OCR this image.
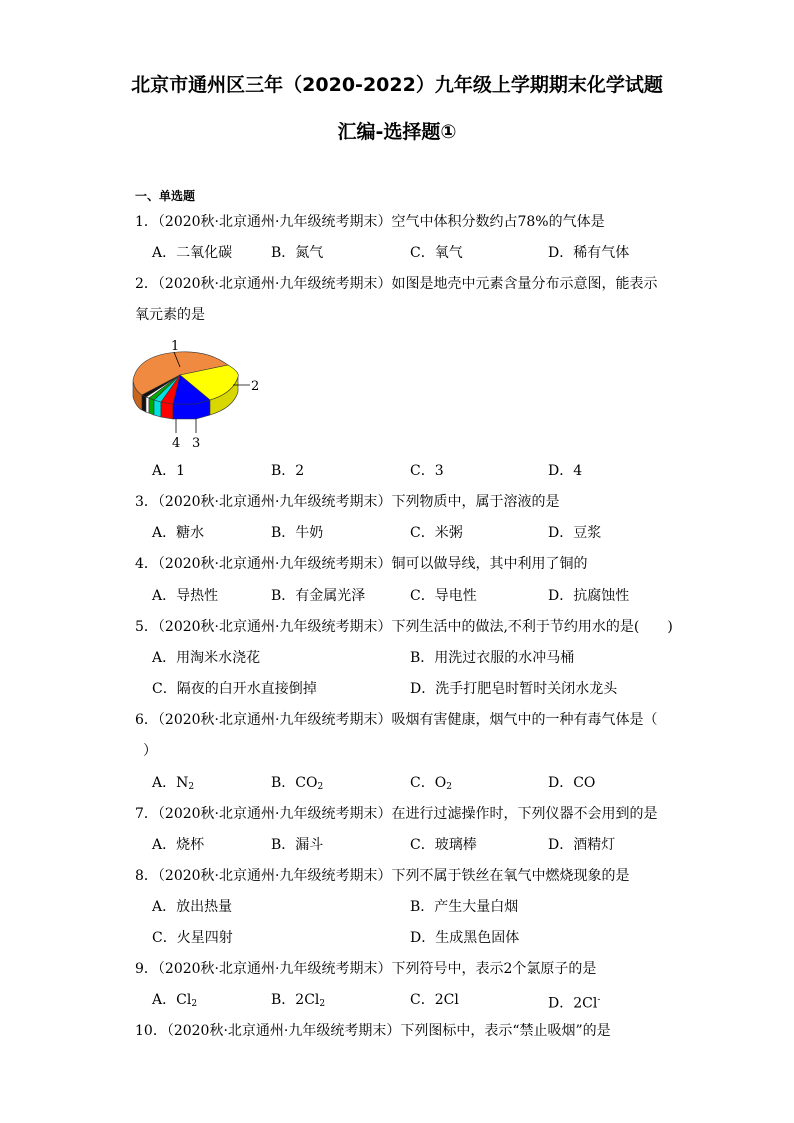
北京市通州区三年（2020-2022）九年级上学期期末化学试题
汇编-选择题①
一、单选题
1．（2020秋·北京通州·九年级统考期末）空气中体积分数约占78%的气体是
A．二氧化碳	B．氮气	C．氧气	D．稀有气体
2．（2020秋·北京通州·九年级统考期末）如图是地壳中元素含量分布示意图，能表示
氧元素的是
1
2
4 3
A．1	B．2	C．3	D．4
3．（2020秋·北京通州·九年级统考期末）下列物质中，属于溶液的是
A．糖水	B．牛奶	C．米粥	D．豆浆
4．（2020秋·北京通州·九年级统考期末）铜可以做导线，其中利用了铜的
A．导热性	B．有金属光泽	C．导电性	D．抗腐蚀性
5．（2020秋·北京通州·九年级统考期末）下列生活中的做法,不利于节约用水的是(　　)
A．用淘米水浇花	B．用洗过衣服的水冲马桶
C．隔夜的白开水直接倒掉	D．洗手打肥皂时暂时关闭水龙头
6．（2020秋·北京通州·九年级统考期末）吸烟有害健康，烟气中的一种有毒气体是（
）
A．$N_2$	B．$CO_2$	C．$O_2$	D．CO
7．（2020秋·北京通州·九年级统考期末）在进行过滤操作时，下列仪器不会用到的是
A．烧杯	B．漏斗	C．玻璃棒	D．酒精灯
8．（2020秋·北京通州·九年级统考期末）下列不属于铁丝在氧气中燃烧现象的是
A．放出热量	B．产生大量白烟
C．火星四射	D．生成黑色固体
9．（2020秋·北京通州·九年级统考期末）下列符号中，表示2个氯原子的是
A．$Cl_2$	B．$2Cl_2$	C．2Cl	D．2Cl-
10．（2020秋·北京通州·九年级统考期末）下列图标中，表示“禁止吸烟”的是
